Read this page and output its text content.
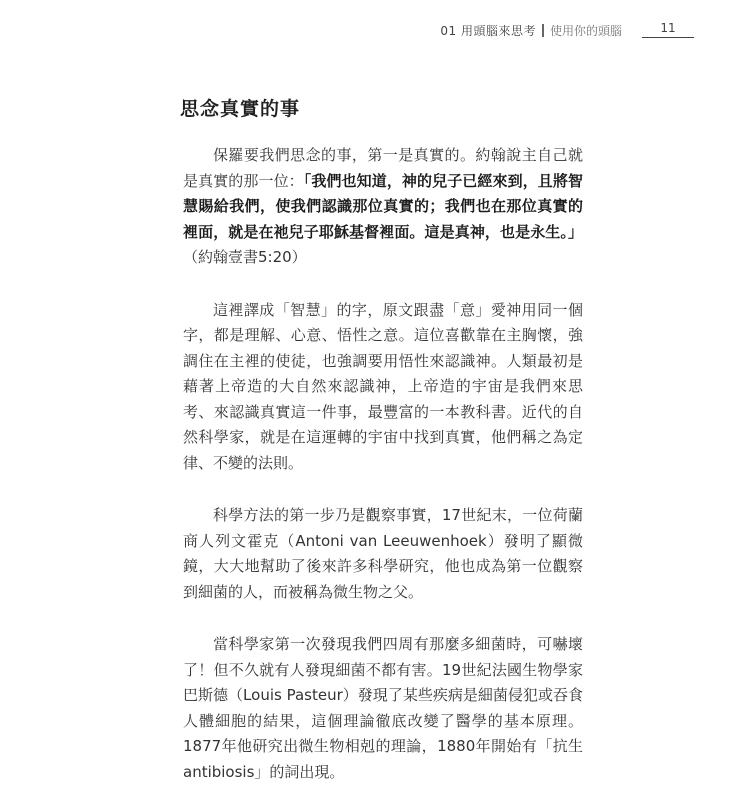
01 用頭腦來思考 使用你的頭腦	11
思念真實的事

保羅要我們思念的事，第一是真實的。約翰說主自己就是真實的那一位：「我們也知道，神的兒子已經來到，且將智慧賜給我們，使我們認識那位真實的；我們也在那位真實的裡面，就是在祂兒子耶穌基督裡面。這是真神，也是永生。」（約翰壹書5:20）

這裡譯成「智慧」的字，原文跟盡「意」愛神用同一個字，都是理解、心意、悟性之意。這位喜歡靠在主胸懷，強調住在主裡的使徒，也強調要用悟性來認識神。人類最初是藉著上帝造的大自然來認識神，上帝造的宇宙是我們來思考、來認識真實這一件事，最豐富的一本教科書。近代的自然科學家，就是在這運轉的宇宙中找到真實，他們稱之為定律、不變的法則。

科學方法的第一步乃是觀察事實，17世紀末，一位荷蘭商人列文霍克（Antoni van Leeuwenhoek）發明了顯微鏡，大大地幫助了後來許多科學研究，他也成為第一位觀察到細菌的人，而被稱為微生物之父。

當科學家第一次發現我們四周有那麼多細菌時，可嚇壞了！但不久就有人發現細菌不都有害。19世紀法國生物學家巴斯德（Louis Pasteur）發現了某些疾病是細菌侵犯或吞食人體細胞的結果，這個理論徹底改變了醫學的基本原理。1877年他研究出微生物相剋的理論，1880年開始有「抗生 antibiosis」的詞出現。
